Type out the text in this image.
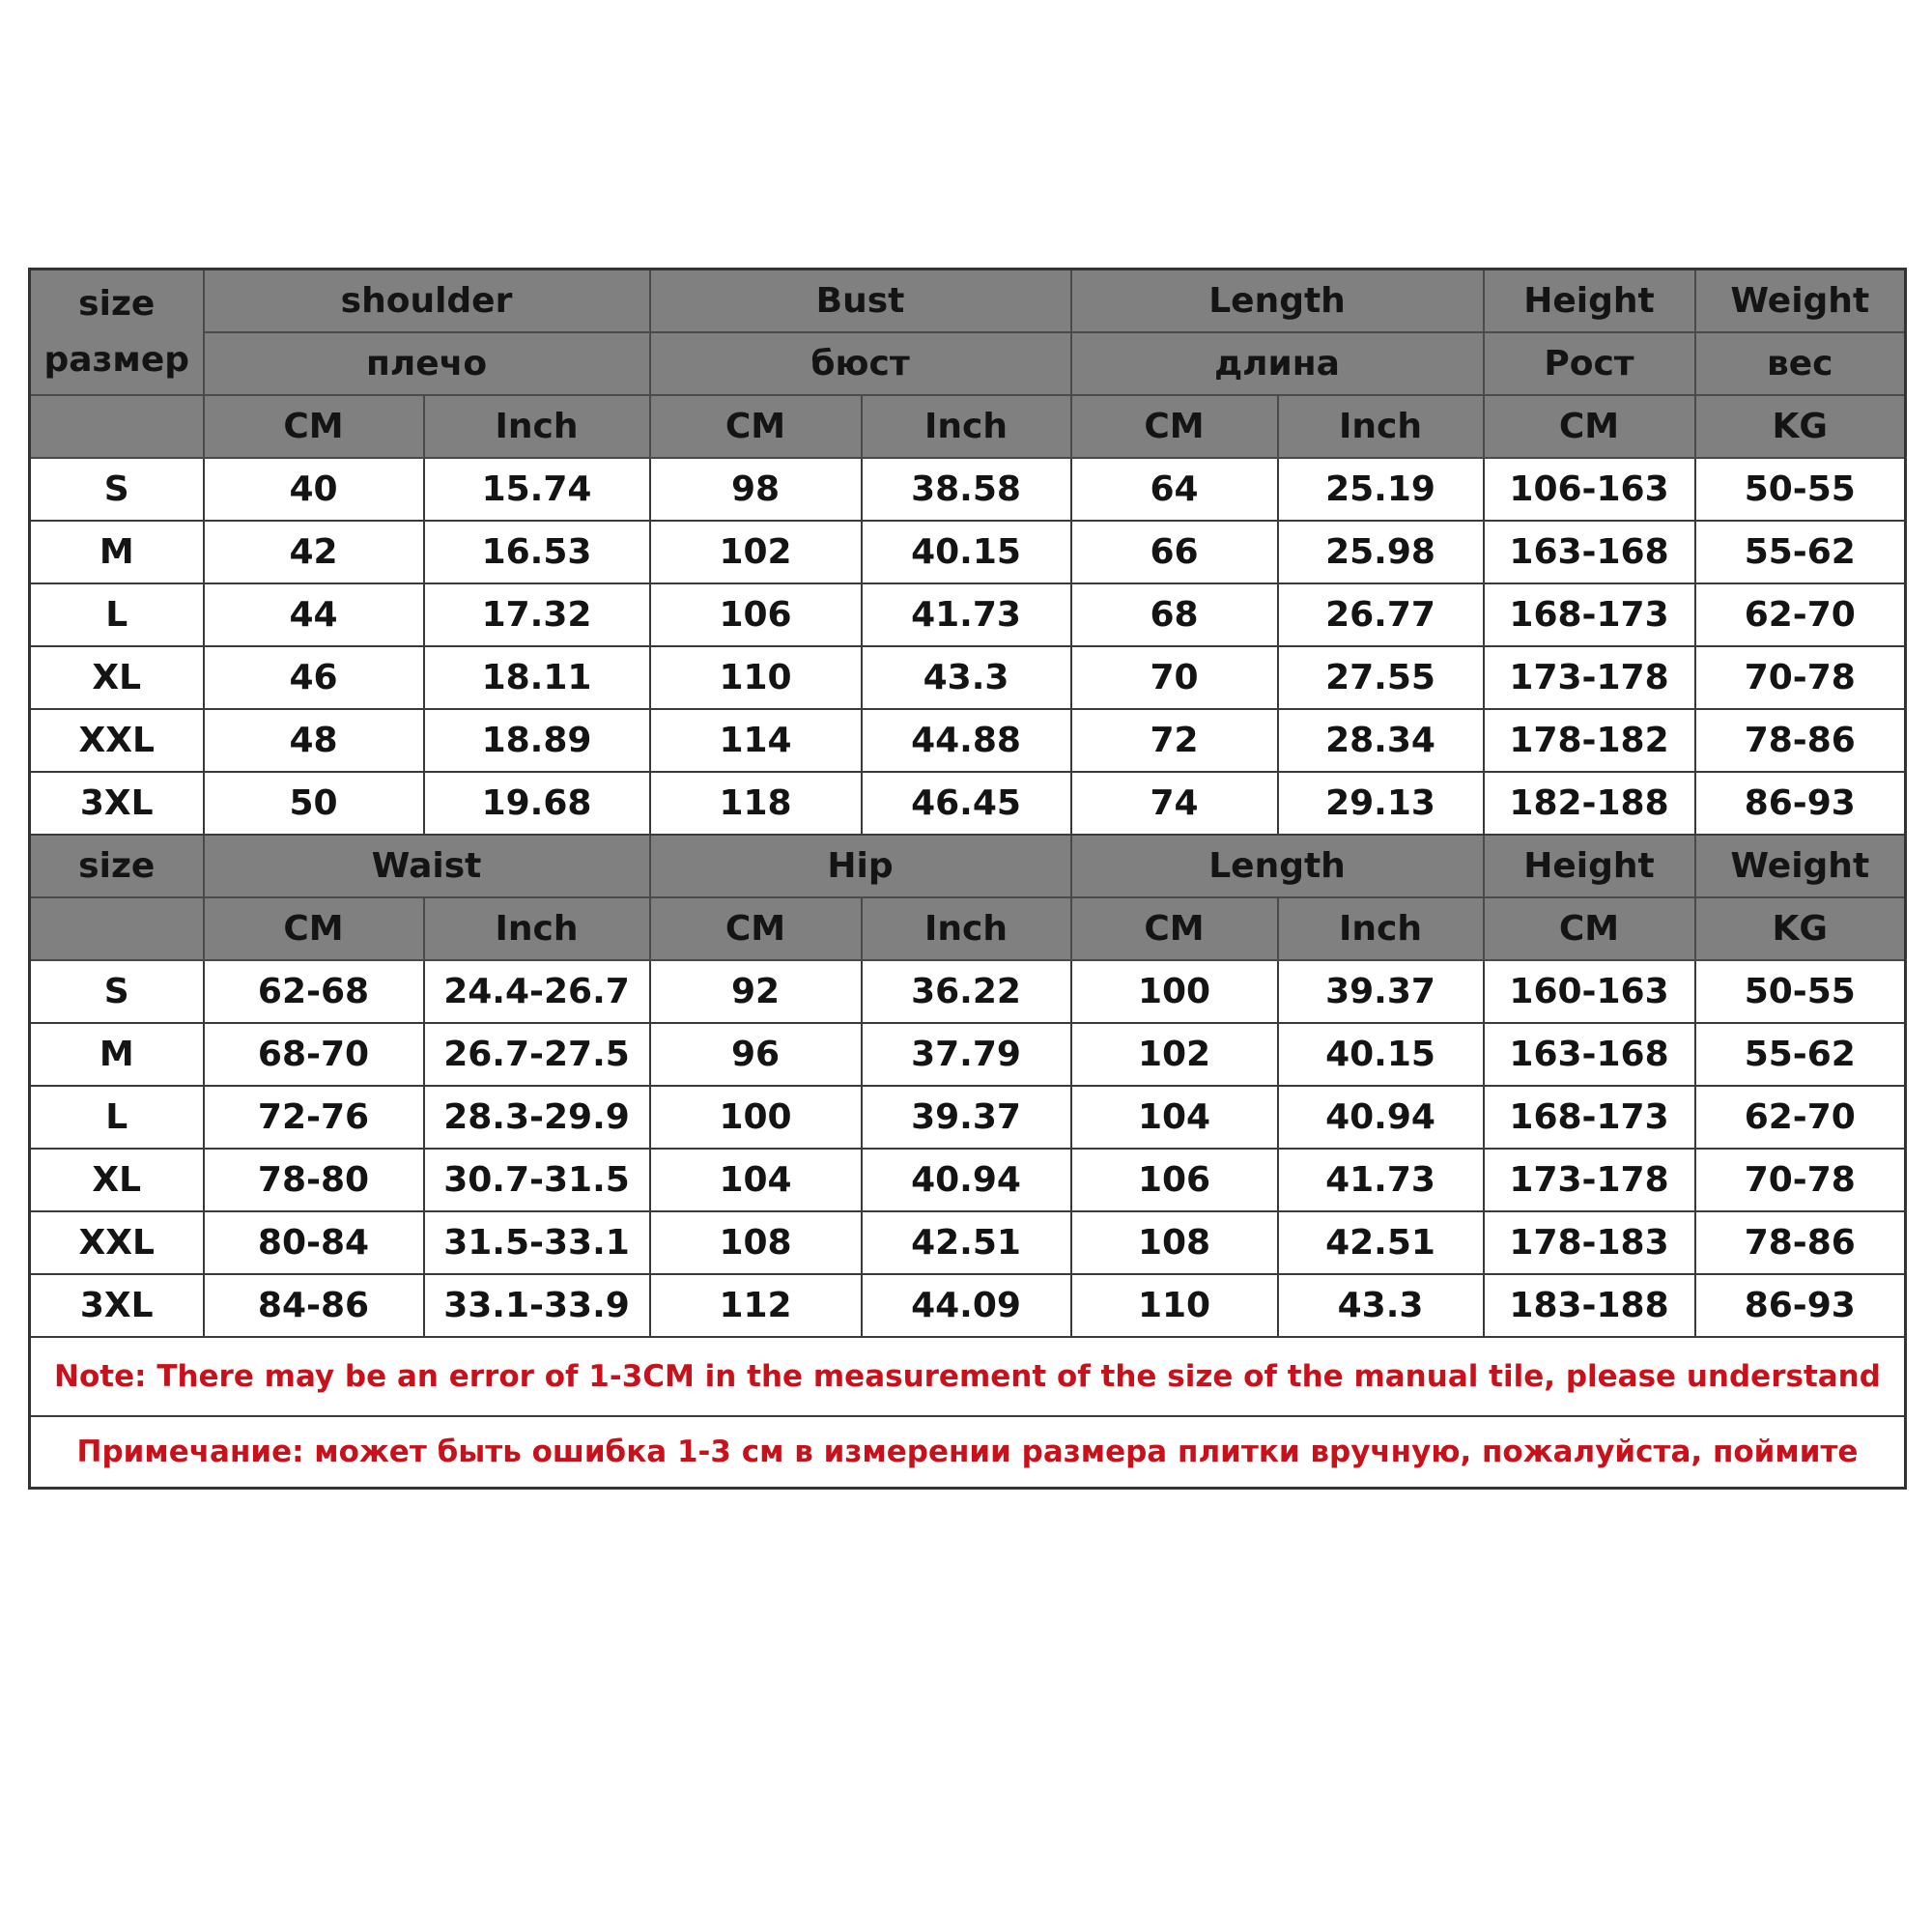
size
размер	shoulder		Bust		Length		Height	Weight
	плечо		бюст		длина		Рост	вес
	CM	Inch	CM	Inch	CM	Inch	CM	KG
S	40	15.74	98	38.58	64	25.19	106-163	50-55
M	42	16.53	102	40.15	66	25.98	163-168	55-62
L	44	17.32	106	41.73	68	26.77	168-173	62-70
XL	46	18.11	110	43.3	70	27.55	173-178	70-78
XXL	48	18.89	114	44.88	72	28.34	178-182	78-86
3XL	50	19.68	118	46.45	74	29.13	182-188	86-93
size	Waist		Hip		Length		Height	Weight
	CM	Inch	CM	Inch	CM	Inch	CM	KG
S	62-68	24.4-26.7	92	36.22	100	39.37	160-163	50-55
M	68-70	26.7-27.5	96	37.79	102	40.15	163-168	55-62
L	72-76	28.3-29.9	100	39.37	104	40.94	168-173	62-70
XL	78-80	30.7-31.5	104	40.94	106	41.73	173-178	70-78
XXL	80-84	31.5-33.1	108	42.51	108	42.51	178-183	78-86
3XL	84-86	33.1-33.9	112	44.09	110	43.3	183-188	86-93
Note: There may be an error of 1-3CM in the measurement of the size of the manual tile, please understand								
Примечание: может быть ошибка 1-3 см в измерении размера плитки вручную, пожалуйста, поймите								
